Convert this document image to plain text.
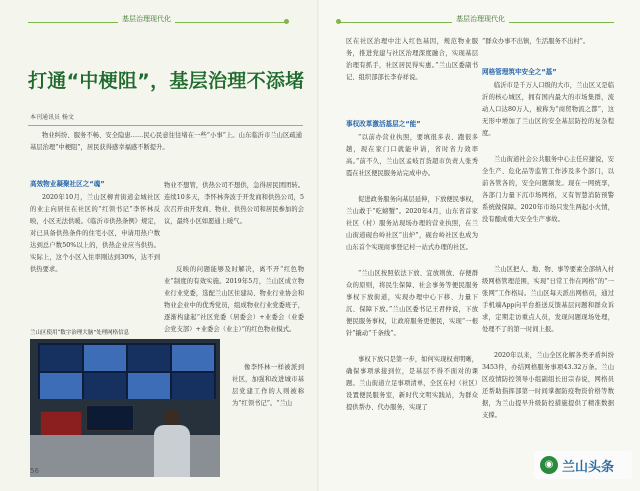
基层治理现代化
打通“中梗阻”，基层治理不添堵
本刊通讯员 杨文

物业纠纷、服务不畅、安全隐患……民心民意往往堵在一些“小事”上。山东临沂市兰山区疏通基层治理“中梗阻”，居民获得感幸福感不断提升。

高效物业凝聚社区之“魂”

2020年10月，兰山区柳青街道金城社区的业主向居住在社区的“红领书记”李怀林反映，小区无法供暖。《临沂市供热条例》规定，对已具备供热条件的住宅小区，申请用热户数达到总户数50%以上的，供热企业应当供热。实际上，这个小区入住率刚达到30%，达不到供热要求。

物业不想管，供热公司不想供，急得居民团团转。连续10多天，李怀林奔波于开发商和供热公司，5次召开由开发商、物业、供热公司和居民参加的会议，最终小区如愿通上暖气。

反映的问题能够及时解决，离不开“红色物业”制度的有效实施。2019年5月，兰山区成立物业行业党委，选配兰山区住建局、物业行业协会和物业企业中的优秀党员，组成物业行业党委班子，逐渐构建起“社区党委（居委会）+业委会（业委会党支部）+业委会（业主）”的红色物业模式。

像李怀林一样被派到社区，加强和改进城市基层党建工作的人则被称为“红领书记”。“兰山

兰山区使用“数字治理大脑”处理网格信息
56
基层治理现代化

区在社区治理中注入红色基因，规范物业服务，推进党建与社区治理深度融合，实现基层治理有抓手，社区居民得实惠。”兰山区委副书记、组织部部长李春祥说。

事权改革激活基层之“能”

“以前办营业执照，要填很多表、跑很多趟，现在家门口就能申请，省时省力效率高。”前不久，兰山区孟岐百货超市负责人张秀霞在社区便民服务站完成申办。

促进政务服务向基层延伸，下放便民事权，兰山敢于“吃螃蟹”。2020年4月，山东省首家社区（村）服务站现场办理的营业执照，在兰山街道砚台岭社区“出炉”，砚台岭社区也成为山东首个实现商事登记村一站式办理的社区。

“兰山区按照依法下放、宜放则放、存便群众的原则，将民生保障、社会事务等便民服务事权下放街道，实现办理中心下移、力量下沉、保障下放。”兰山区委书记王君仲说，下放便民服务事权，让政府服务更便民，实现“一根针”撬动“千条线”。

事权下放只是第一步，如何实现权责明晰，确保事项承接到位，是基层不得不面对的课题。兰山街道立足事项清单，全区在村（社区）设置便民服务室，新时代文明实践站，为群众提供帮办、代办服务，实现了

“群众办事不出镇，生活服务不出村”。

网格管理筑牢安全之“基”

临沂市是千万人口级的大市，兰山区又是临沂的核心城区，拥有国内最大的市场集群，流动人口达80万人，被称为“商贸物流之都”，这无形中增加了兰山区的安全基层防控的复杂程度。

兰山街道社会公共服务中心主任应捷说，安全生产、危化品等监管工作涉及多个部门，以前各管各的，安全问题频发。现在一网统享，各部门力量下沉市场网格，又有智慧消防预警系统做保障。2020年市场只发生两起小火情，没有酿成重大安全生产事故。

兰山区把人、地、物、事等要素全部纳入村级网格管理范围，实现“日常工作在网格”的“一张网”工作格局。兰山区每天派出网格员，通过手机端App向平台推送反馈基层问题和群众诉求，定期走访重点人员，发现问题现场处理，处理不了的第一时间上报。

2020年以来，兰山全区化解各类矛盾纠纷3453件，办结网格服务事项43.32万条。兰山区疫情防控领导小组副组长田宗春说，网格员还帮助指挥部第一时间掌握防疫物资价格等数据，为兰山提早升级防控措施提供了精准数据支撑。

◉ 兰山头条
